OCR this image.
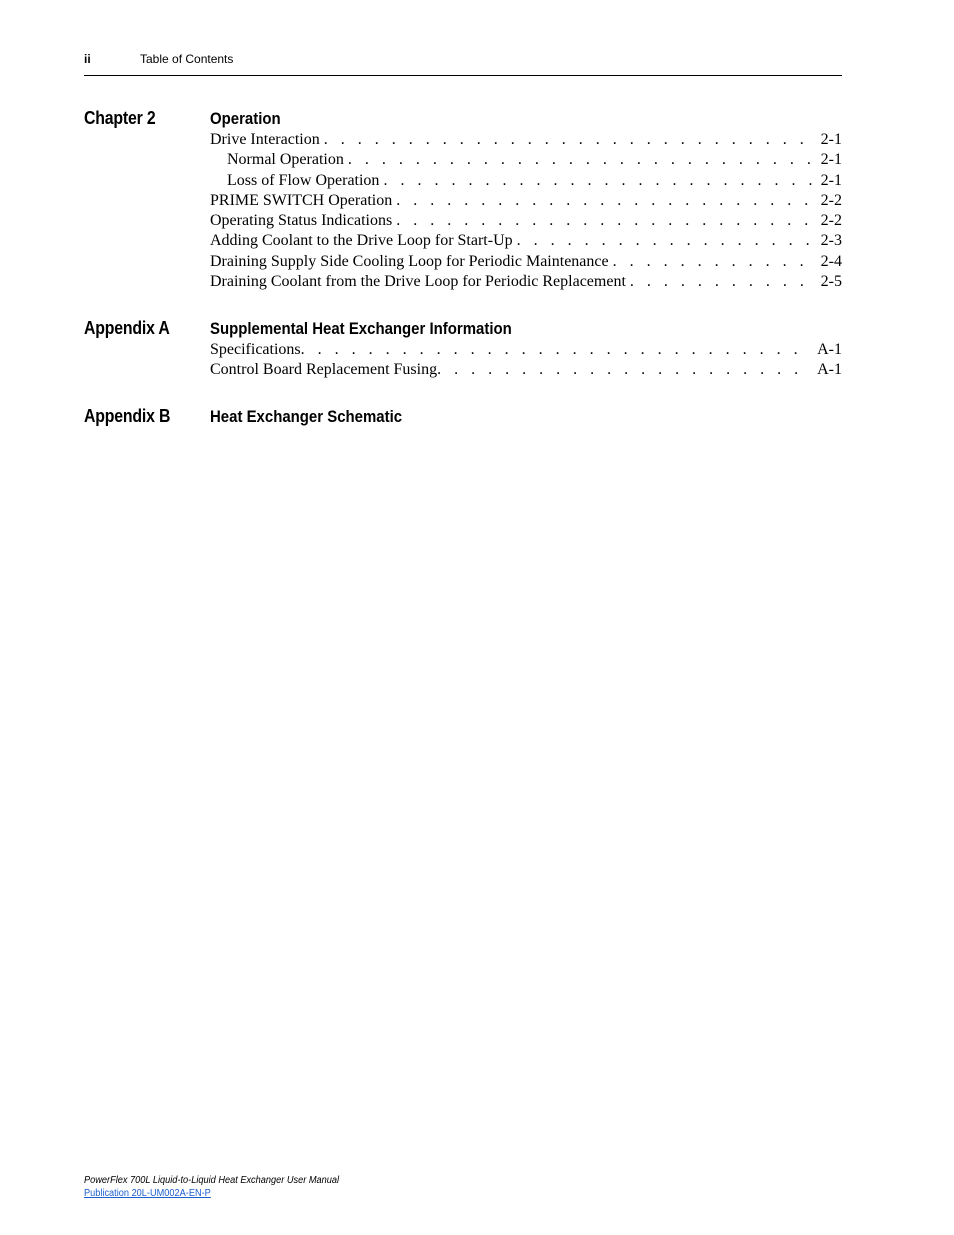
ii	Table of Contents
Chapter 2	Operation
Drive Interaction . . .	2-1
Normal Operation . . .	2-1
Loss of Flow Operation . . .	2-1
PRIME SWITCH Operation . . .	2-2
Operating Status Indications . . .	2-2
Adding Coolant to the Drive Loop for Start-Up . . .	2-3
Draining Supply Side Cooling Loop for Periodic Maintenance . . .	2-4
Draining Coolant from the Drive Loop for Periodic Replacement . . .	2-5
Appendix A Supplemental Heat Exchanger Information
Specifications . . .	A-1
Control Board Replacement Fusing . . .	A-1
Appendix B Heat Exchanger Schematic
PowerFlex 700L Liquid-to-Liquid Heat Exchanger User Manual
Publication 20L-UM002A-EN-P
